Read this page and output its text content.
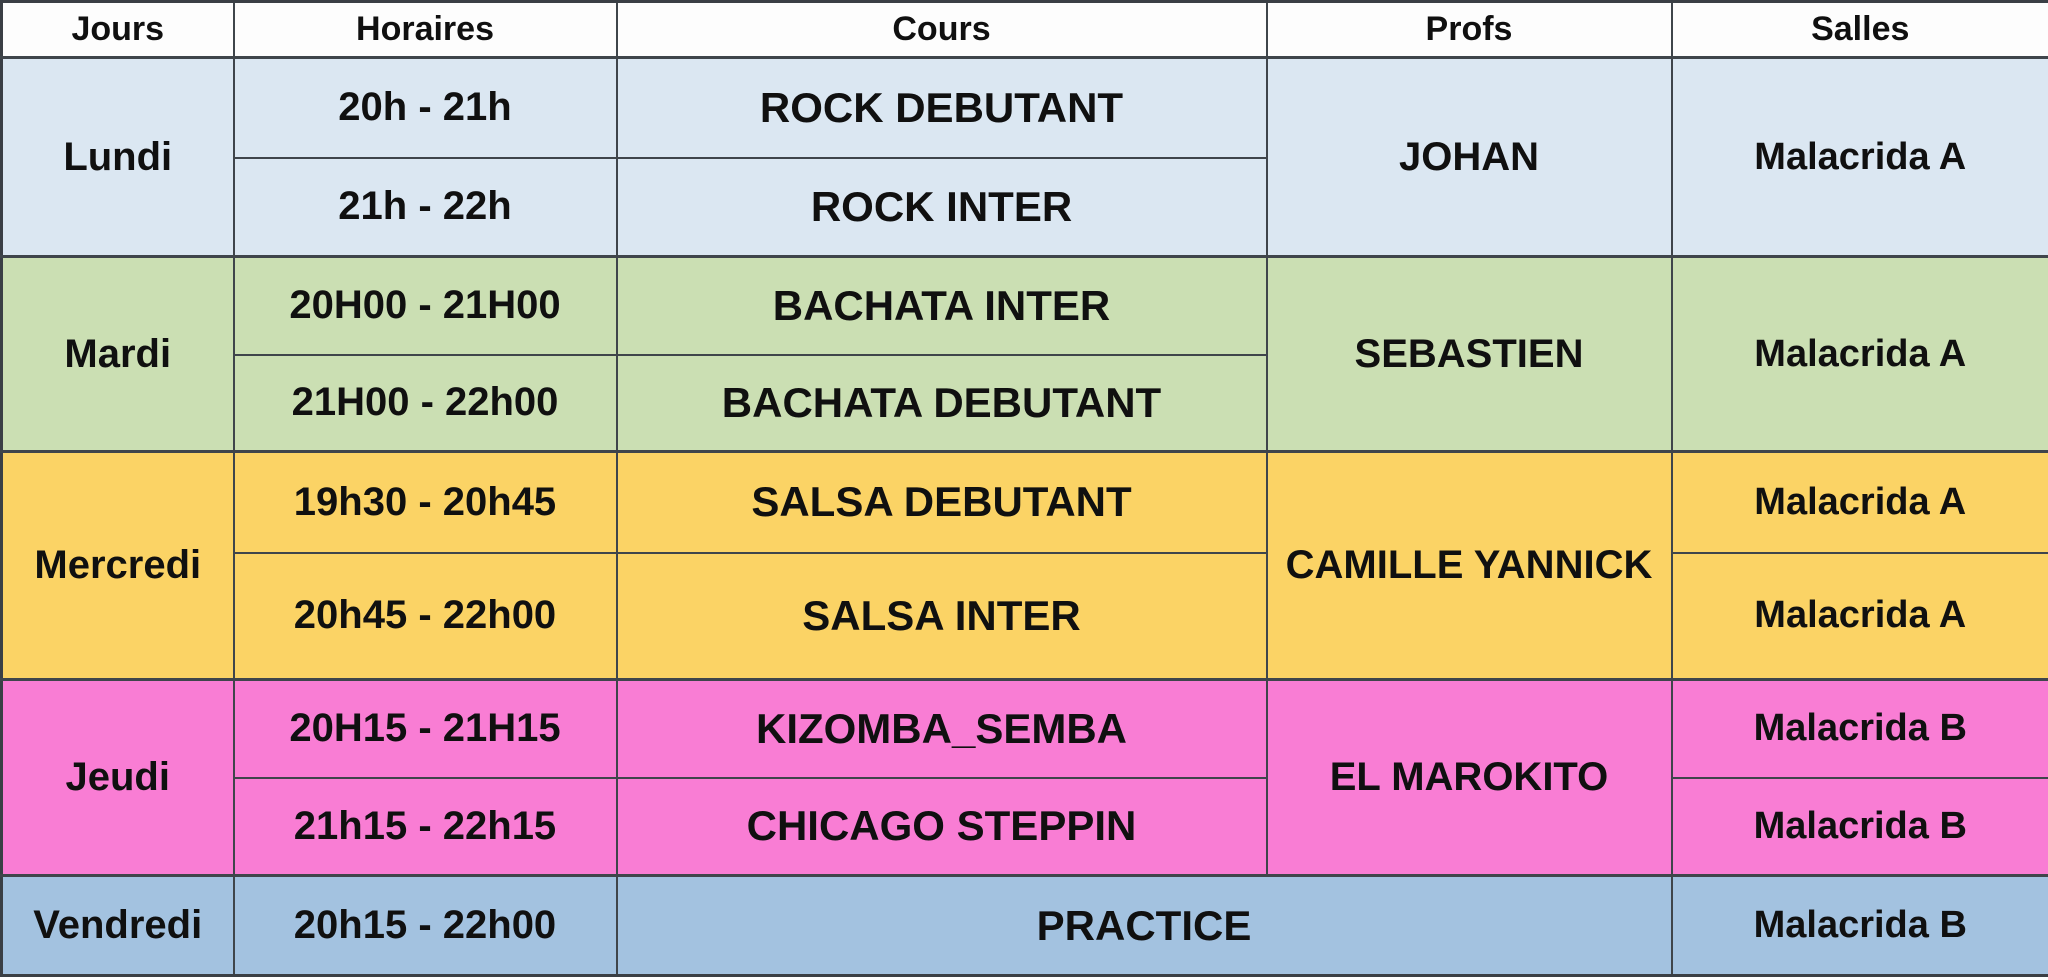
Jours	Horaires	Cours	Profs	Salles
Lundi	20h - 21h	ROCK DEBUTANT	JOHAN	Malacrida A
	21h - 22h	ROCK INTER		
Mardi	20H00 - 21H00	BACHATA INTER	SEBASTIEN	Malacrida A
	21H00 - 22h00	BACHATA DEBUTANT		
Mercredi	19h30 - 20h45	SALSA DEBUTANT	CAMILLE YANNICK	Malacrida A
	20h45 - 22h00	SALSA INTER		Malacrida A
Jeudi	20H15 - 21H15	KIZOMBA_SEMBA	EL MAROKITO	Malacrida B
	21h15 - 22h15	CHICAGO STEPPIN		Malacrida B
Vendredi	20h15 - 22h00	PRACTICE		Malacrida B
